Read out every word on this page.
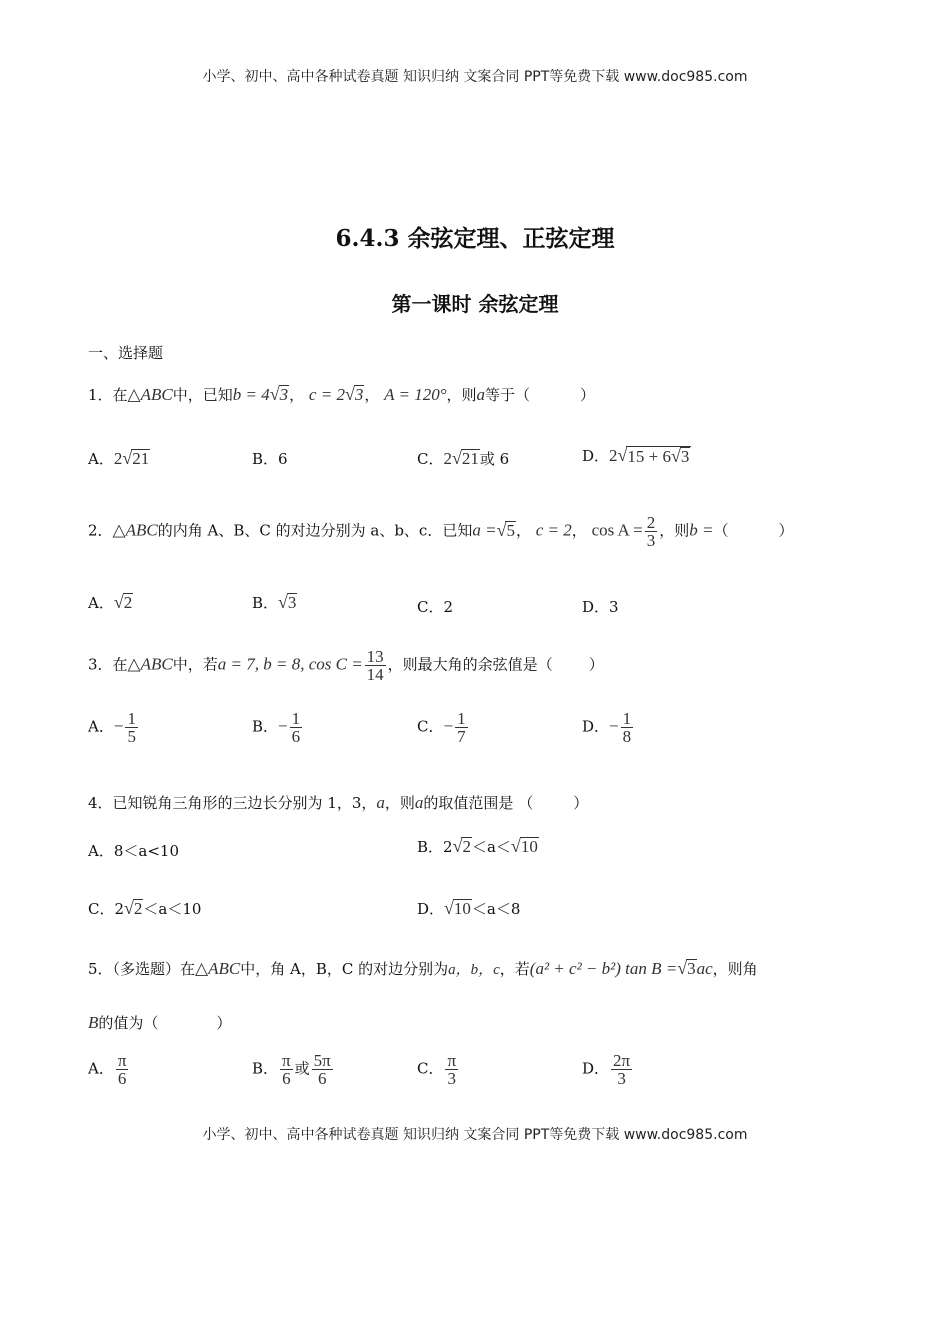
小学、初中、高中各种试卷真题 知识归纳 文案合同 PPT等免费下载 www.doc985.com
小学、初中、高中各种试卷真题 知识归纳 文案合同 PPT等免费下载 www.doc985.com
6.4.3 余弦定理、正弦定理
第一课时 余弦定理
一、选择题
1．在△ABC中，已知b = 4 √ 3 ， c = 2 √ 3 ， A = 120°，则a等于（	）
A．2 √ 21	B．6	C．2 √ 21 或 6	D．2 √ 15 + 6 √ 3
2．△ABC的内角 A、B、C 的对边分别为 a、b、c．已知a = √ 5 ， c = 2， $\cos A = \frac{2}{3}$ ，则b =（	）
A． √ 2	B． √ 3	C．2	D．3
3．在△ABC中，若a = 7, b = 8, $\cos C = \frac{13}{14}$ ，则最大角的余弦值是（ ）
A．− $\frac{1}{5}$	B．− $\frac{1}{6}$	C．− $\frac{1}{7}$	D．− $\frac{1}{8}$
4．已知锐角三角形的三边长分别为 1，3，a，则a的取值范围是 （	）
A．8＜a<10	B．2 √ 2 ＜a＜ √ 10
C．2 √ 2 ＜a＜10	D． √ 10 ＜a＜8
5．（多选题）在△ABC中，角 A，B，C 的对边分别为a，b，c，若(a² + c² − b²) tan B = √ 3 ac，则角
B的值为（	）
A． $\frac{\pi}{6}$	B． $\frac{\pi}{6}$ 或 $\frac{5\pi}{6}$	C． $\frac{\pi}{3}$	D． $\frac{2\pi}{3}$
